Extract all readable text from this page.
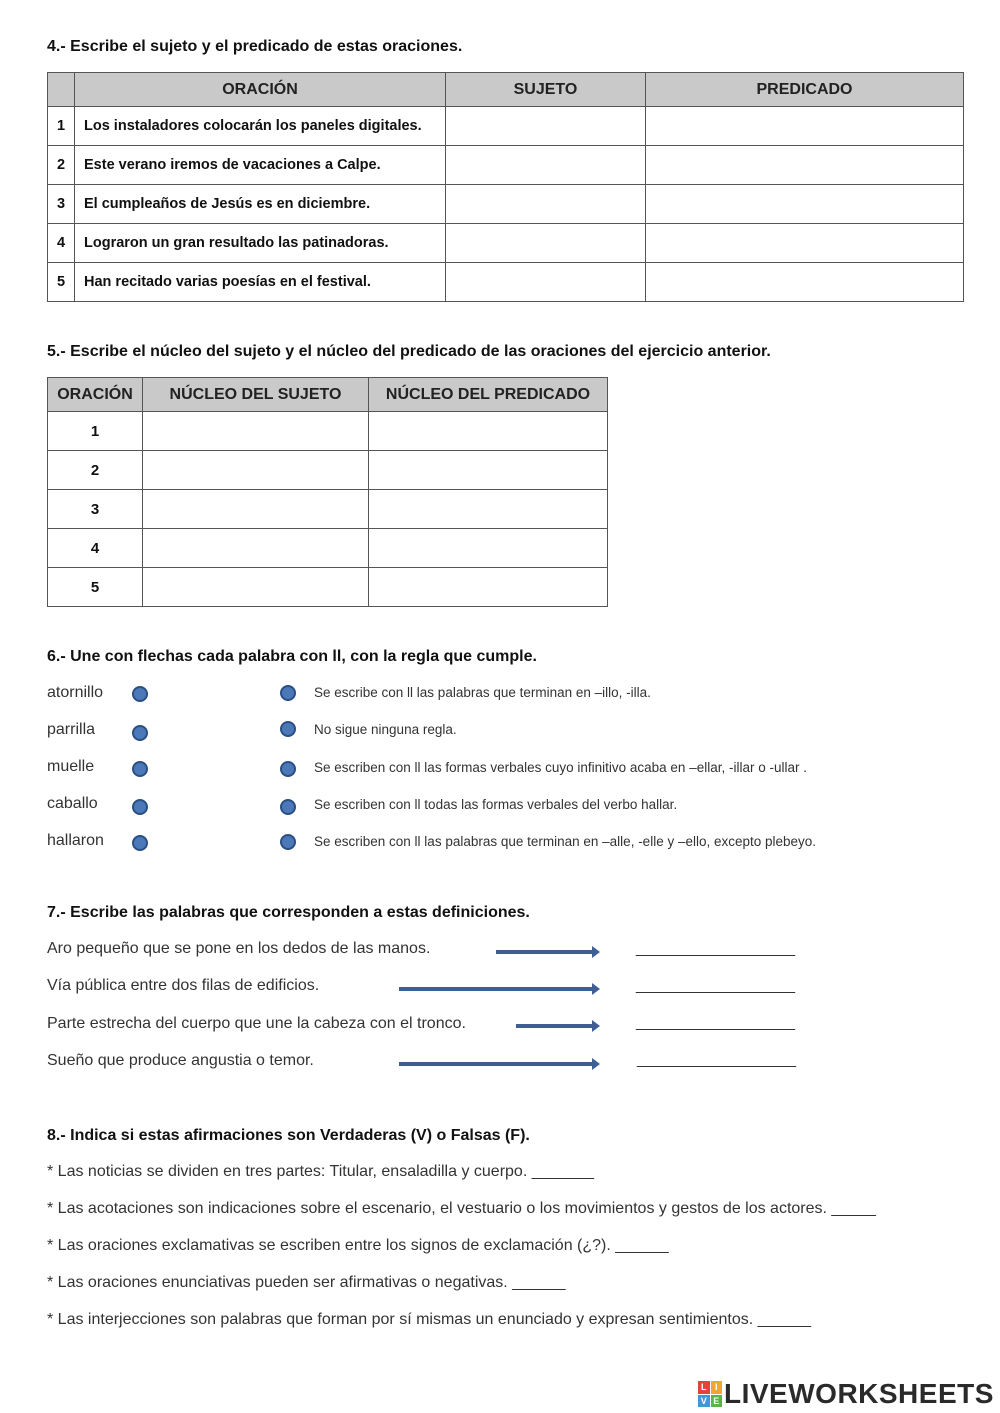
4.- Escribe el sujeto y el predicado de estas oraciones.
	ORACIÓN	SUJETO	PREDICADO
1	Los instaladores colocarán los paneles digitales.		
2	Este verano iremos de vacaciones a Calpe.		
3	El cumpleaños de Jesús es en diciembre.		
4	Lograron un gran resultado las patinadoras.		
5	Han recitado varias poesías en el festival.		
5.- Escribe el núcleo del sujeto y el núcleo del predicado de las oraciones del ejercicio anterior.
ORACIÓN	NÚCLEO DEL SUJETO	NÚCLEO DEL PREDICADO
1		
2		
3		
4		
5		
6.- Une con flechas cada palabra con ll, con la regla que cumple.
atornillo	Se escribe con ll las palabras que terminan en –illo, -illa.
parrilla	No sigue ninguna regla.
muelle	Se escriben con ll las formas verbales cuyo infinitivo acaba en –ellar, -illar o -ullar .
caballo	Se escriben con ll todas las formas verbales del verbo hallar.
hallaron	Se escriben con ll las palabras que terminan en –alle, -elle y –ello, excepto plebeyo.
7.- Escribe las palabras que corresponden a estas definiciones.
Aro pequeño que se pone en los dedos de las manos.	____________________
Vía pública entre dos filas de edificios.	____________________
Parte estrecha del cuerpo que une la cabeza con el tronco.	____________________
Sueño que produce angustia o temor.	____________________
8.- Indica si estas afirmaciones son Verdaderas (V) o Falsas (F).
* Las noticias se dividen en tres partes: Titular, ensaladilla y cuerpo. _______
* Las acotaciones son indicaciones sobre el escenario, el vestuario o los movimientos y gestos de los actores. _____
* Las oraciones exclamativas se escriben entre los signos de exclamación (¿?). ______
* Las oraciones enunciativas pueden ser afirmativas o negativas. ______
* Las interjecciones son palabras que forman por sí mismas un enunciado y expresan sentimientos. ______
L I
V E LIVEWORKSHEETS
